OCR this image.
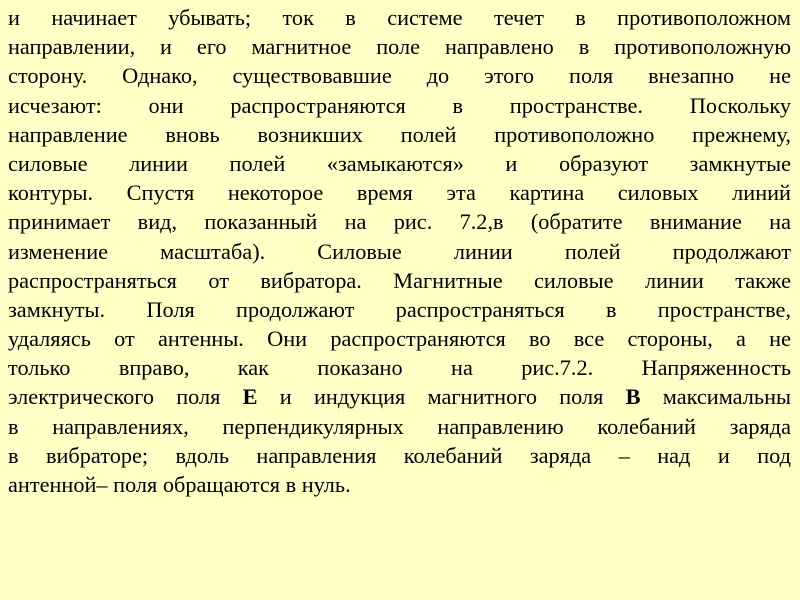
и начинает убывать; ток в системе течет в противоположном
направлении, и его магнитное поле направлено в противоположную
сторону. Однако, существовавшие до этого поля внезапно не
исчезают: они распространяются в пространстве. Поскольку
направление вновь возникших полей противоположно прежнему,
силовые линии полей «замыкаются» и образуют замкнутые
контуры. Спустя некоторое время эта картина силовых линий
принимает вид, показанный на рис. 7.2,в (обратите внимание на
изменение масштаба). Силовые линии полей продолжают
распространяться от вибратора. Магнитные силовые линии также
замкнуты. Поля продолжают распространяться в пространстве,
удаляясь от антенны. Они распространяются во все стороны, а не
только вправо, как показано на рис.7.2. Напряженность
электрического поля E и индукция магнитного поля B максимальны
в направлениях, перпендикулярных направлению колебаний заряда
в вибраторе; вдоль направления колебаний заряда – над и под
антенной– поля обращаются в нуль.
